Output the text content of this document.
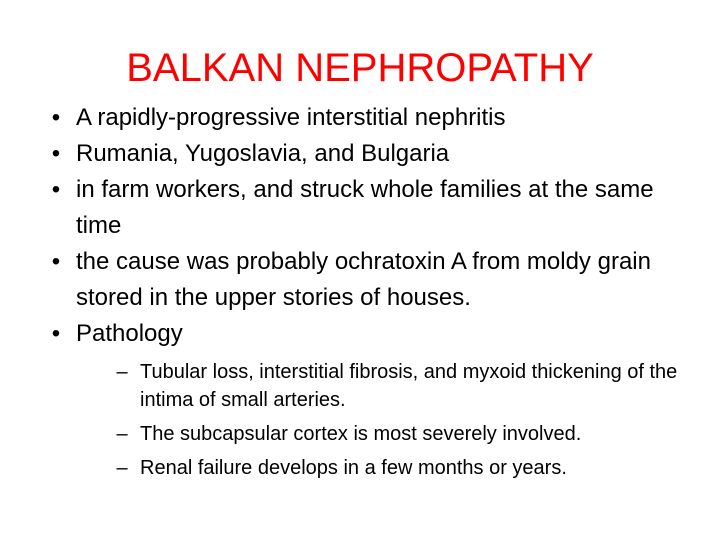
BALKAN NEPHROPATHY
• A rapidly-progressive interstitial nephritis
• Rumania, Yugoslavia, and Bulgaria
• in farm workers, and struck whole families at the same time
• the cause was probably ochratoxin A from moldy grain stored in the upper stories of houses.
• Pathology
– Tubular loss, interstitial fibrosis, and myxoid thickening of the intima of small arteries.
– The subcapsular cortex is most severely involved.
– Renal failure develops in a few months or years.
